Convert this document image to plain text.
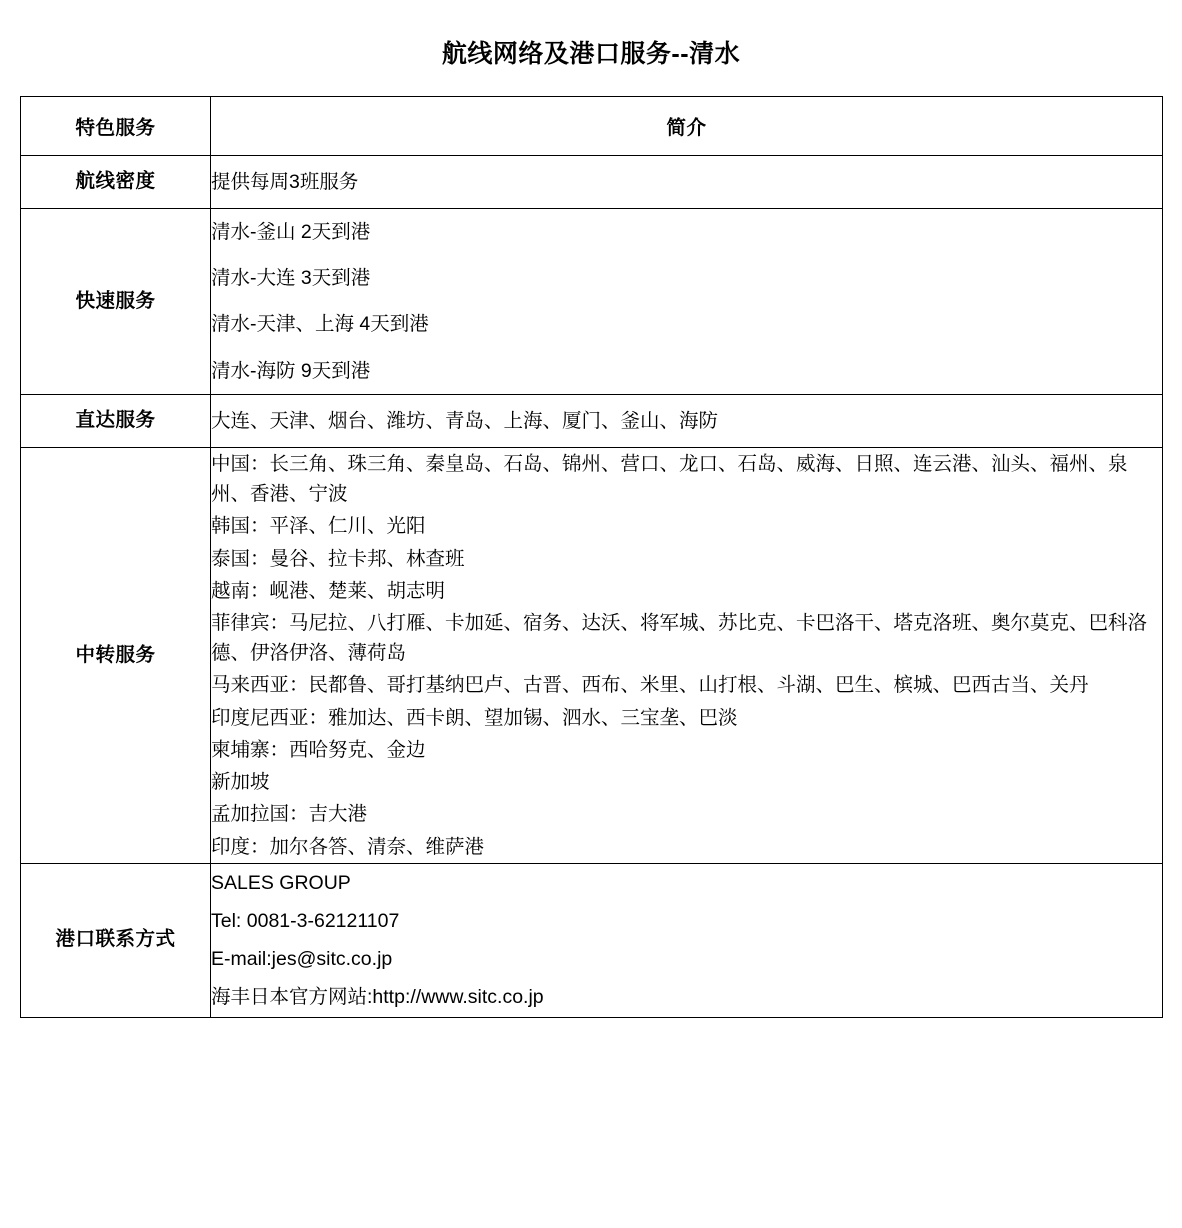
航线网络及港口服务--清水
特色服务	简介
航线密度	提供每周3班服务

快速服务	清水-釜山 2天到港
清水-大连 3天到港
清水-天津、上海 4天到港
清水-海防 9天到港

直达服务	大连、天津、烟台、潍坊、青岛、上海、厦门、釜山、海防

中转服务	
中国：长三角、珠三角、秦皇岛、石岛、锦州、营口、龙口、石岛、威海、日照、连云港、汕头、福州、泉州、香港、宁波
韩国：平泽、仁川、光阳
泰国：曼谷、拉卡邦、林查班
越南：岘港、楚莱、胡志明
菲律宾：马尼拉、八打雁、卡加延、宿务、达沃、将军城、苏比克、卡巴洛干、塔克洛班、奥尔莫克、巴科洛德、伊洛伊洛、薄荷岛
马来西亚：民都鲁、哥打基纳巴卢、古晋、西布、米里、山打根、斗湖、巴生、槟城、巴西古当、关丹
印度尼西亚：雅加达、西卡朗、望加锡、泗水、三宝垄、巴淡
柬埔寨：西哈努克、金边
新加坡
孟加拉国：吉大港
印度：加尔各答、清奈、维萨港

港口联系方式	SALES GROUP
Tel: 0081-3-62121107
E-mail:jes@sitc.co.jp
海丰日本官方网站:http://www.sitc.co.jp
